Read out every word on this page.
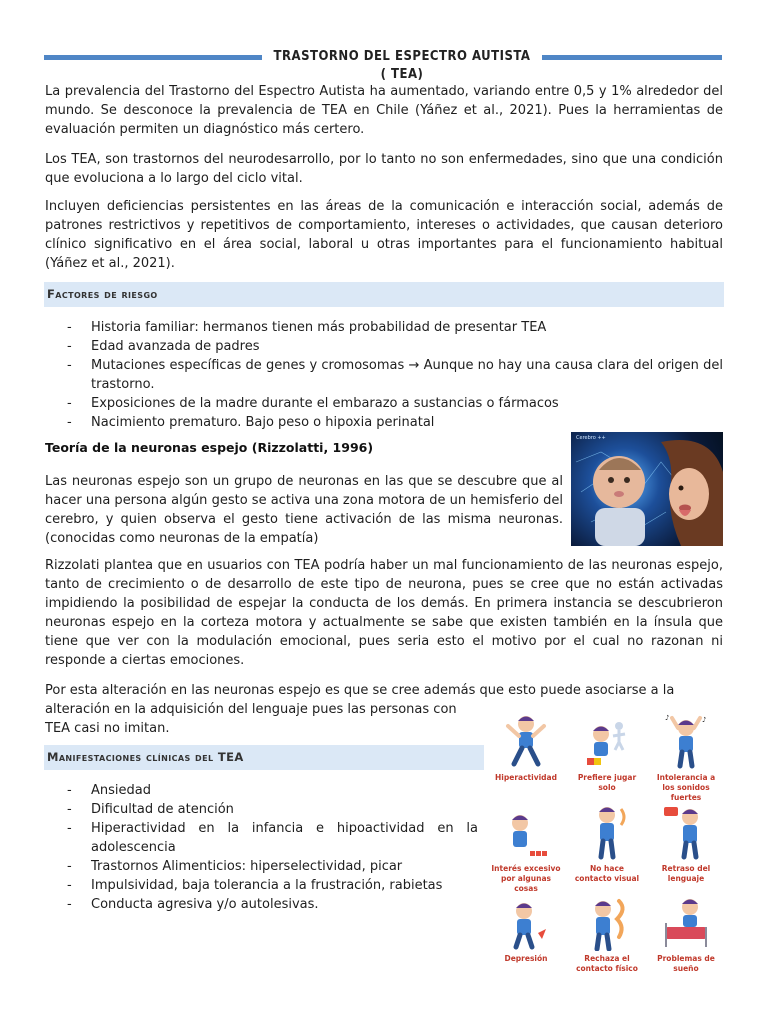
TRASTORNO DEL ESPECTRO AUTISTA ( TEA)

La prevalencia del Trastorno del Espectro Autista ha aumentado, variando entre 0,5 y 1% alrededor del mundo. Se desconoce la prevalencia de TEA en Chile (Yáñez et al., 2021). Pues la herramientas de evaluación permiten un diagnóstico más certero.

Los TEA, son trastornos del neurodesarrollo, por lo tanto no son enfermedades, sino que una condición que evoluciona a lo largo del ciclo vital.

Incluyen deficiencias persistentes en las áreas de la comunicación e interacción social, además de patrones restrictivos y repetitivos de comportamiento, intereses o actividades, que causan deterioro clínico significativo en el área social, laboral u otras importantes para el funcionamiento habitual (Yáñez et al., 2021).

Factores de riesgo
- Historia familiar: hermanos tienen más probabilidad de presentar TEA
- Edad avanzada de padres
- Mutaciones específicas de genes y cromosomas → Aunque no hay una causa clara del origen del trastorno.
- Exposiciones de la madre durante el embarazo a sustancias o fármacos
- Nacimiento prematuro. Bajo peso o hipoxia perinatal
Teoría de la neuronas espejo (Rizzolatti, 1996)

Las neuronas espejo son un grupo de neuronas en las que se descubre que al hacer una persona algún gesto se activa una zona motora de un hemisferio del cerebro, y quien observa el gesto tiene activación de las misma neuronas. (conocidas como neuronas de la empatía)

Cerebro ++

Rizzolati plantea que en usuarios con TEA podría haber un mal funcionamiento de las neuronas espejo, tanto de crecimiento o de desarrollo de este tipo de neurona, pues se cree que no están activadas impidiendo la posibilidad de espejar la conducta de los demás. En primera instancia se descubrieron neuronas espejo en la corteza motora y actualmente se sabe que existen también en la ínsula que tiene que ver con la modulación emocional, pues seria esto el motivo por el cual no razonan ni responde a ciertas emociones.

Por esta alteración en las neuronas espejo es que se cree además que esto puede asociarse a la

alteración en la adquisición del lenguaje pues las personas con TEA casi no imitan.

Manifestaciones clínicas del TEA
- Ansiedad
- Dificultad de atención
- Hiperactividad en la infancia e hipoactividad en la adolescencia
- Trastornos Alimenticios: hiperselectividad, picar
- Impulsividad, baja tolerancia a la frustración, rabietas
- Conducta agresiva y/o autolesivas.
Hiperactividad	Prefiere jugar solo
♪	♪
Intolerancia a los sonidos fuertes
Interés excesivo por algunas cosas
No hace contacto visual
Retraso del lenguaje
Depresión	Rechaza el contacto físico
Problemas de sueño
